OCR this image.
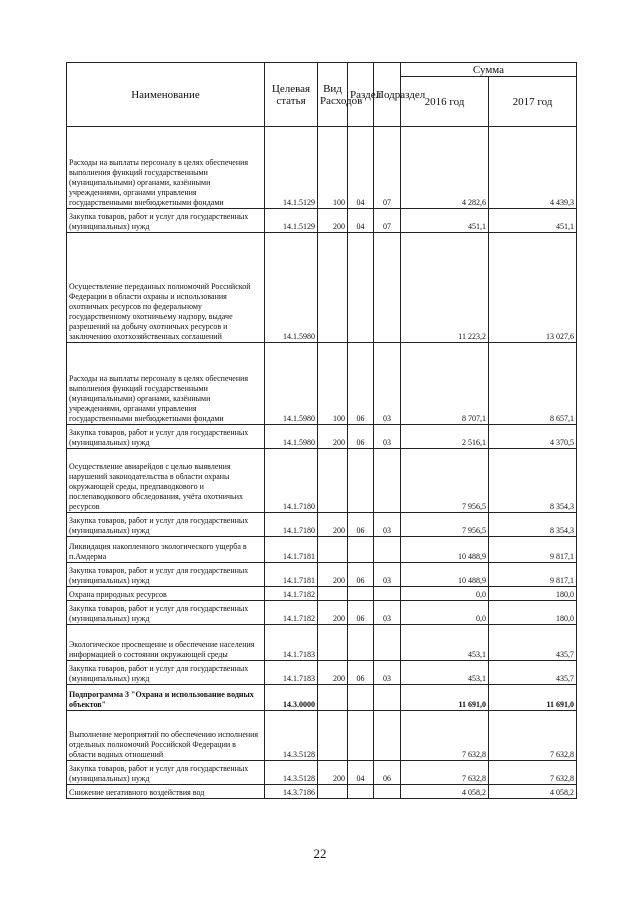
Наименование	Целевая статья	Вид Расходов	Раздел	Подраздел	Сумма	
					2016 год	2017 год
Расходы на выплаты персоналу в целях обеспечения выполнения функций государственными (муниципальными) органами, казёнными учреждениями, органами управления государственными внебюджетными фондами	14.1.5129	100	04	07	4 282,6	4 439,3
Закупка товаров, работ и услуг для государственных (муниципальных) нужд	14.1.5129	200	04	07	451,1	451,1
Осуществление переданных полномочий Российской Федерации в области охраны и использования охотничьих ресурсов по федеральному государственному охотничьему надзору, выдаче разрешений на добычу охотничьих ресурсов и заключению охотхозяйственных соглашений	14.1.5980				11 223,2	13 027,6
Расходы на выплаты персоналу в целях обеспечения выполнения функций государственными (муниципальными) органами, казёнными учреждениями, органами управления государственными внебюджетными фондами	14.1.5980	100	06	03	8 707,1	8 657,1
Закупка товаров, работ и услуг для государственных (муниципальных) нужд	14.1.5980	200	06	03	2 516,1	4 370,5
Осуществление авиарейдов с целью выявления нарушений законодательства в области охраны окружающей среды, предпаводкового и послепаводкового обследования, учёта охотничьих ресурсов	14.1.7180				7 956,5	8 354,3
Закупка товаров, работ и услуг для государственных (муниципальных) нужд	14.1.7180	200	06	03	7 956,5	8 354,3
Ликвидация накопленного экологического ущерба в п.Амдерма	14.1.7181				10 488,9	9 817,1
Закупка товаров, работ и услуг для государственных (муниципальных) нужд	14.1.7181	200	06	03	10 488,9	9 817,1
Охрана природных ресурсов	14.1.7182				0,0	180,0
Закупка товаров, работ и услуг для государственных (муниципальных) нужд	14.1.7182	200	06	03	0,0	180,0
Экологическое просвещение и обеспечение населения информацией о состоянии окружающей среды	14.1.7183				453,1	435,7
Закупка товаров, работ и услуг для государственных (муниципальных) нужд	14.1.7183	200	06	03	453,1	435,7
Подпрограмма 3 "Охрана и использование водных объектов"	14.3.0000				11 691,0	11 691,0
Выполнение мероприятий по обеспечению исполнения отдельных полномочий Российской Федерации в области водных отношений	14.3.5128				7 632,8	7 632,8
Закупка товаров, работ и услуг для государственных (муниципальных) нужд	14.3.5128	200	04	06	7 632,8	7 632,8
Снижение негативного воздействия вод	14.3.7186				4 058,2	4 058,2
22
